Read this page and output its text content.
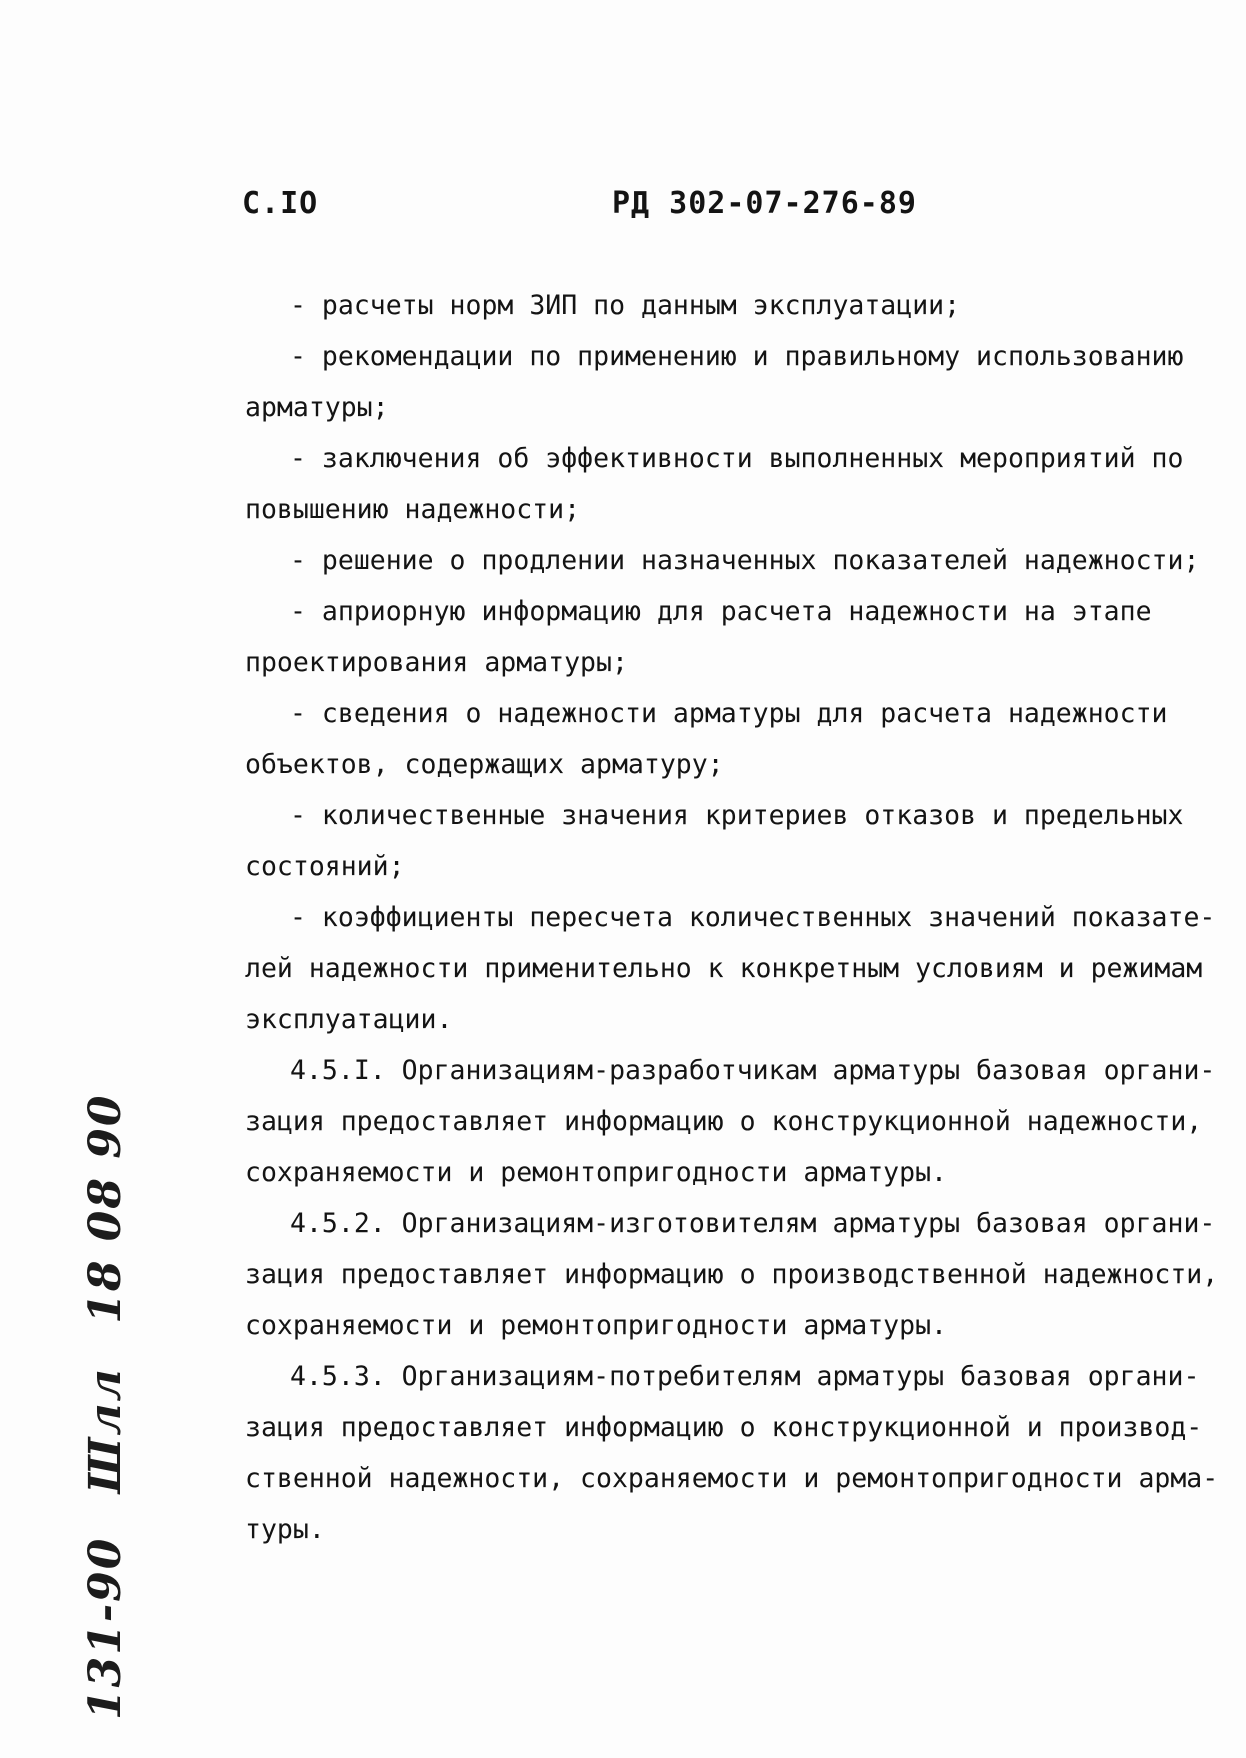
С.IO	РД 302-07-276-89
- расчеты норм ЗИП по данным эксплуатации;
- рекомендации по применению и правильному использованию
арматуры;
- заключения об эффективности выполненных мероприятий по
повышению надежности;
- решение о продлении назначенных показателей надежности;
- априорную информацию для расчета надежности на этапе
проектирования арматуры;
- сведения о надежности арматуры для расчета надежности
объектов, содержащих арматуру;
- количественные значения критериев отказов и предельных
состояний;
- коэффициенты пересчета количественных значений показате-
лей надежности применительно к конкретным условиям и режимам
эксплуатации.
4.5.I. Организациям-разработчикам арматуры базовая органи-
зация предоставляет информацию о конструкционной надежности,
сохраняемости и ремонтопригодности арматуры.
4.5.2. Организациям-изготовителям арматуры базовая органи-
зация предоставляет информацию о производственной надежности,
сохраняемости и ремонтопригодности арматуры.
4.5.3. Организациям-потребителям арматуры базовая органи-
зация предоставляет информацию о конструкционной и производ-
ственной надежности, сохраняемости и ремонтопригодности арма-
туры.
131-90 Шлл 18 08 90
